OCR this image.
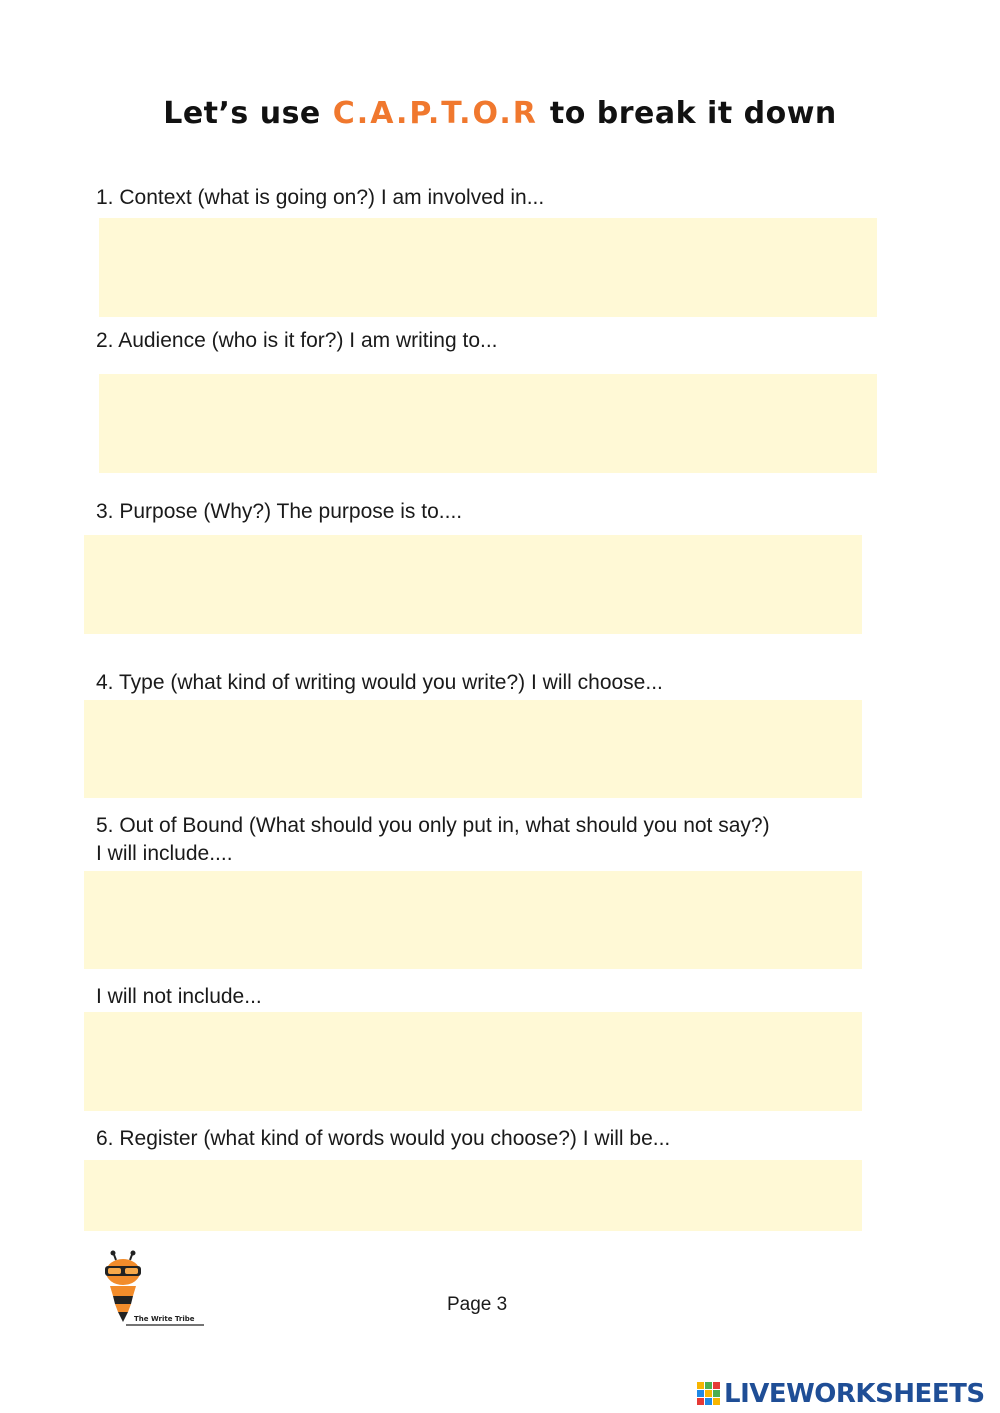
Let’s use C.A.P.T.O.R to break it down
1. Context (what is going on?) I am involved in...
2. Audience (who is it for?) I am writing to...
3. Purpose (Why?) The purpose is to....
4. Type (what kind of writing would you write?) I will choose...
5. Out of Bound (What should you only put in, what should you not say?)
I will include....
I will not include...
6. Register (what kind of words would you choose?) I will be...
The Write Tribe
Page 3
LIVEWORKSHEETS
